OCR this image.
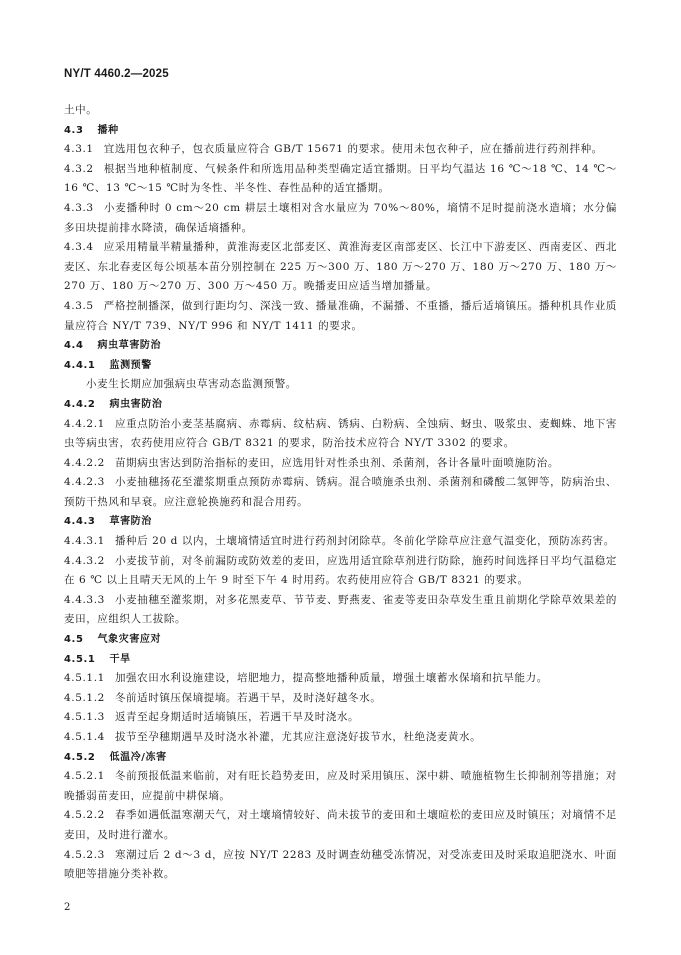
NY/T 4460.2—2025
土中。
4.3 播种
4.3.1 宜选用包衣种子，包衣质量应符合 GB/T 15671 的要求。使用未包衣种子，应在播前进行药剂拌种。
4.3.2 根据当地种植制度、气候条件和所选用品种类型确定适宜播期。日平均气温达 16 ℃～18 ℃、14 ℃～16 ℃、13 ℃～15 ℃时为冬性、半冬性、春性品种的适宜播期。
4.3.3 小麦播种时 0 cm～20 cm 耕层土壤相对含水量应为 70%～80%，墒情不足时提前浇水造墒；水分偏多田块提前排水降渍，确保适墒播种。
4.3.4 应采用精量半精量播种，黄淮海麦区北部麦区、黄淮海麦区南部麦区、长江中下游麦区、西南麦区、西北麦区、东北春麦区每公顷基本苗分别控制在 225 万～300 万、180 万～270 万、180 万～270 万、180 万～270 万、180 万～270 万、300 万～450 万。晚播麦田应适当增加播量。
4.3.5 严格控制播深，做到行距均匀、深浅一致、播量准确，不漏播、不重播，播后适墒镇压。播种机具作业质量应符合 NY/T 739、NY/T 996 和 NY/T 1411 的要求。
4.4 病虫草害防治
4.4.1 监测预警
小麦生长期应加强病虫草害动态监测预警。
4.4.2 病虫害防治
4.4.2.1 应重点防治小麦茎基腐病、赤霉病、纹枯病、锈病、白粉病、全蚀病、蚜虫、吸浆虫、麦蜘蛛、地下害虫等病虫害，农药使用应符合 GB/T 8321 的要求，防治技术应符合 NY/T 3302 的要求。
4.4.2.2 苗期病虫害达到防治指标的麦田，应选用针对性杀虫剂、杀菌剂，各计各量叶面喷施防治。
4.4.2.3 小麦抽穗扬花至灌浆期重点预防赤霉病、锈病。混合喷施杀虫剂、杀菌剂和磷酸二氢钾等，防病治虫、预防干热风和早衰。应注意轮换施药和混合用药。
4.4.3 草害防治
4.4.3.1 播种后 20 d 以内，土壤墒情适宜时进行药剂封闭除草。冬前化学除草应注意气温变化，预防冻药害。
4.4.3.2 小麦拔节前，对冬前漏防或防效差的麦田，应选用适宜除草剂进行防除，施药时间选择日平均气温稳定在 6 ℃ 以上且晴天无风的上午 9 时至下午 4 时用药。农药使用应符合 GB/T 8321 的要求。
4.4.3.3 小麦抽穗至灌浆期，对多花黑麦草、节节麦、野燕麦、雀麦等麦田杂草发生重且前期化学除草效果差的麦田，应组织人工拔除。
4.5 气象灾害应对
4.5.1 干旱
4.5.1.1 加强农田水利设施建设，培肥地力，提高整地播种质量，增强土壤蓄水保墒和抗旱能力。
4.5.1.2 冬前适时镇压保墒提墒。若遇干旱，及时浇好越冬水。
4.5.1.3 返青至起身期适时适墒镇压，若遇干旱及时浇水。
4.5.1.4 拔节至孕穗期遇旱及时浇水补灌，尤其应注意浇好拔节水，杜绝浇麦黄水。
4.5.2 低温冷/冻害
4.5.2.1 冬前预报低温来临前，对有旺长趋势麦田，应及时采用镇压、深中耕、喷施植物生长抑制剂等措施；对晚播弱苗麦田，应提前中耕保墒。
4.5.2.2 春季如遇低温寒潮天气，对土壤墒情较好、尚未拔节的麦田和土壤暄松的麦田应及时镇压；对墒情不足麦田，及时进行灌水。
4.5.2.3 寒潮过后 2 d～3 d，应按 NY/T 2283 及时调查幼穗受冻情况，对受冻麦田及时采取追肥浇水、叶面喷肥等措施分类补救。
2
